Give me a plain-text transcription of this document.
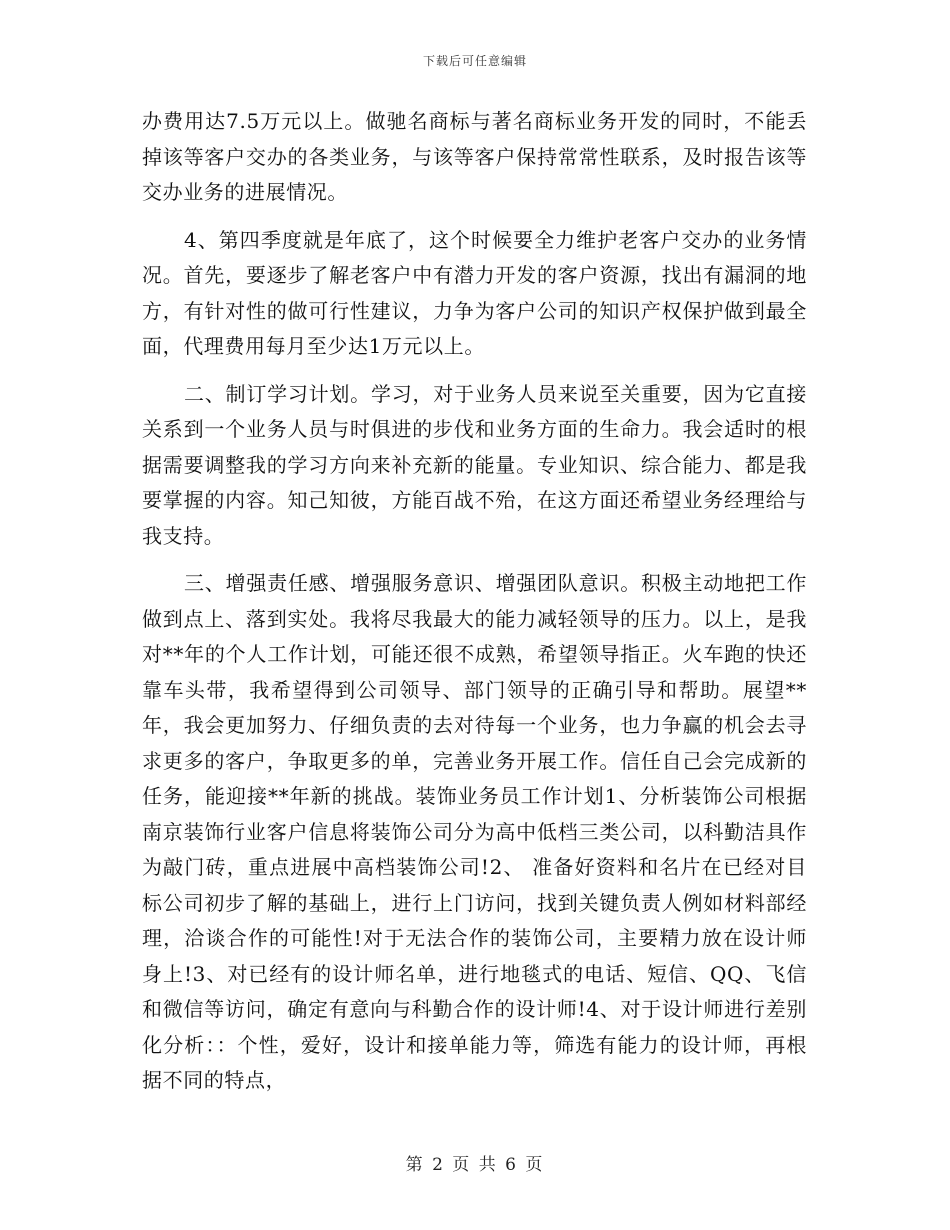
下载后可任意编辑

办费用达7.5万元以上。做驰名商标与著名商标业务开发的同时，不能丢掉该等客户交办的各类业务，与该等客户保持常常性联系，及时报告该等交办业务的进展情况。

4、第四季度就是年底了，这个时候要全力维护老客户交办的业务情况。首先，要逐步了解老客户中有潜力开发的客户资源，找出有漏洞的地方，有针对性的做可行性建议，力争为客户公司的知识产权保护做到最全面，代理费用每月至少达1万元以上。

二、制订学习计划。学习，对于业务人员来说至关重要，因为它直接关系到一个业务人员与时俱进的步伐和业务方面的生命力。我会适时的根据需要调整我的学习方向来补充新的能量。专业知识、综合能力、都是我要掌握的内容。知己知彼，方能百战不殆，在这方面还希望业务经理给与我支持。

三、增强责任感、增强服务意识、增强团队意识。积极主动地把工作做到点上、落到实处。我将尽我最大的能力减轻领导的压力。以上，是我对**年的个人工作计划，可能还很不成熟，希望领导指正。火车跑的快还靠车头带，我希望得到公司领导、部门领导的正确引导和帮助。展望**年，我会更加努力、仔细负责的去对待每一个业务，也力争赢的机会去寻求更多的客户，争取更多的单，完善业务开展工作。信任自己会完成新的任务，能迎接**年新的挑战。装饰业务员工作计划1、分析装饰公司根据南京装饰行业客户信息将装饰公司分为高中低档三类公司，以科勤洁具作为敲门砖，重点进展中高档装饰公司!2、 准备好资料和名片在已经对目标公司初步了解的基础上，进行上门访问，找到关键负责人例如材料部经理，洽谈合作的可能性!对于无法合作的装饰公司，主要精力放在设计师身上!3、对已经有的设计师名单，进行地毯式的电话、短信、QQ、飞信和微信等访问，确定有意向与科勤合作的设计师!4、对于设计师进行差别化分析：：个性，爱好，设计和接单能力等，筛选有能力的设计师，再根据不同的特点，

第 2 页 共 6 页
